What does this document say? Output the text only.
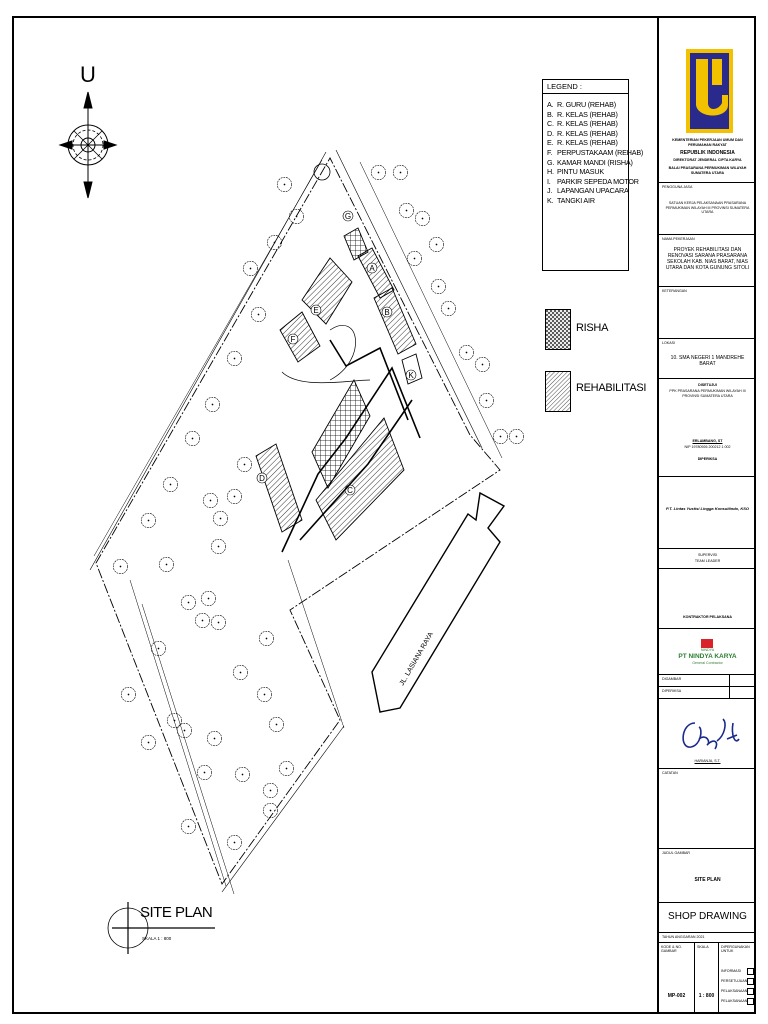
U
JL. LASIANA RAYA
A
B
C
D
E
F
G
K
LEGEND :
A. R. GURU (REHAB)
B. R. KELAS (REHAB)
C. R. KELAS (REHAB)
D. R. KELAS (REHAB)
E. R. KELAS (REHAB)
F. PERPUSTAKAAM (REHAB)
G. KAMAR MANDI (RISHA)
H. PINTU MASUK
I. PARKIR SEPEDA MOTOR
J. LAPANGAN UPACARA
K. TANGKI AIR
RISHA
REHABILITASI
SITE PLAN
SKALA 1 : 800
KEMENTERIAN PEKERJAAN UMUM DAN PERUMAHAN RAKYAT
REPUBLIK INDONESIA
DIREKTORAT JENDERAL CIPTA KARYA
BALAI PRASARANA PERMUKIMAN WILAYAH SUMATERA UTARA
PENGGUNA JASA
SATUAN KERJA PELAKSANAAN PRASARANA PERMUKIMAN WILAYAH III PROVINSI SUMATERA UTARA
NAMA PEKERJAAN
PROYEK REHABILITASI DAN RENOVASI SARANA PRASARANA SEKOLAH KAB. NIAS BARAT, NIAS UTARA DAN KOTA GUNUNG SITOLI
KETERANGAN
LOKASI
10. SMA NEGERI 1 MANDREHE BARAT
DISETUJUI
PPK PRASARANA PERMUKIMAN WILAYAH III PROVINSI SUMATERA UTARA
ERLAMBANG, ST
NIP 19780926 200212 1 002
DIPERIKSA
P.T. Lintas Yustisi Lingga Konsultindo, KSO
SUPERVISI
TEAM LEADER
KONTRAKTOR PELAKSANA
NINDYA
PT NINDYA KARYA
General Contractor
DIGAMBAR
DIPERIKSA
HARIANJA, S.T.
CATATAN
JUDUL GAMBAR
SITE PLAN
SHOP DRAWING
TAHUN ANGGARAN 2021
KODE & NO. GAMBAR
MP-002
SKALA
1 : 800
DIPERGUNAKAN UNTUK
INFORMASI
PERSETUJUAN
PELAKSANAAN
PELAKSANAAN
